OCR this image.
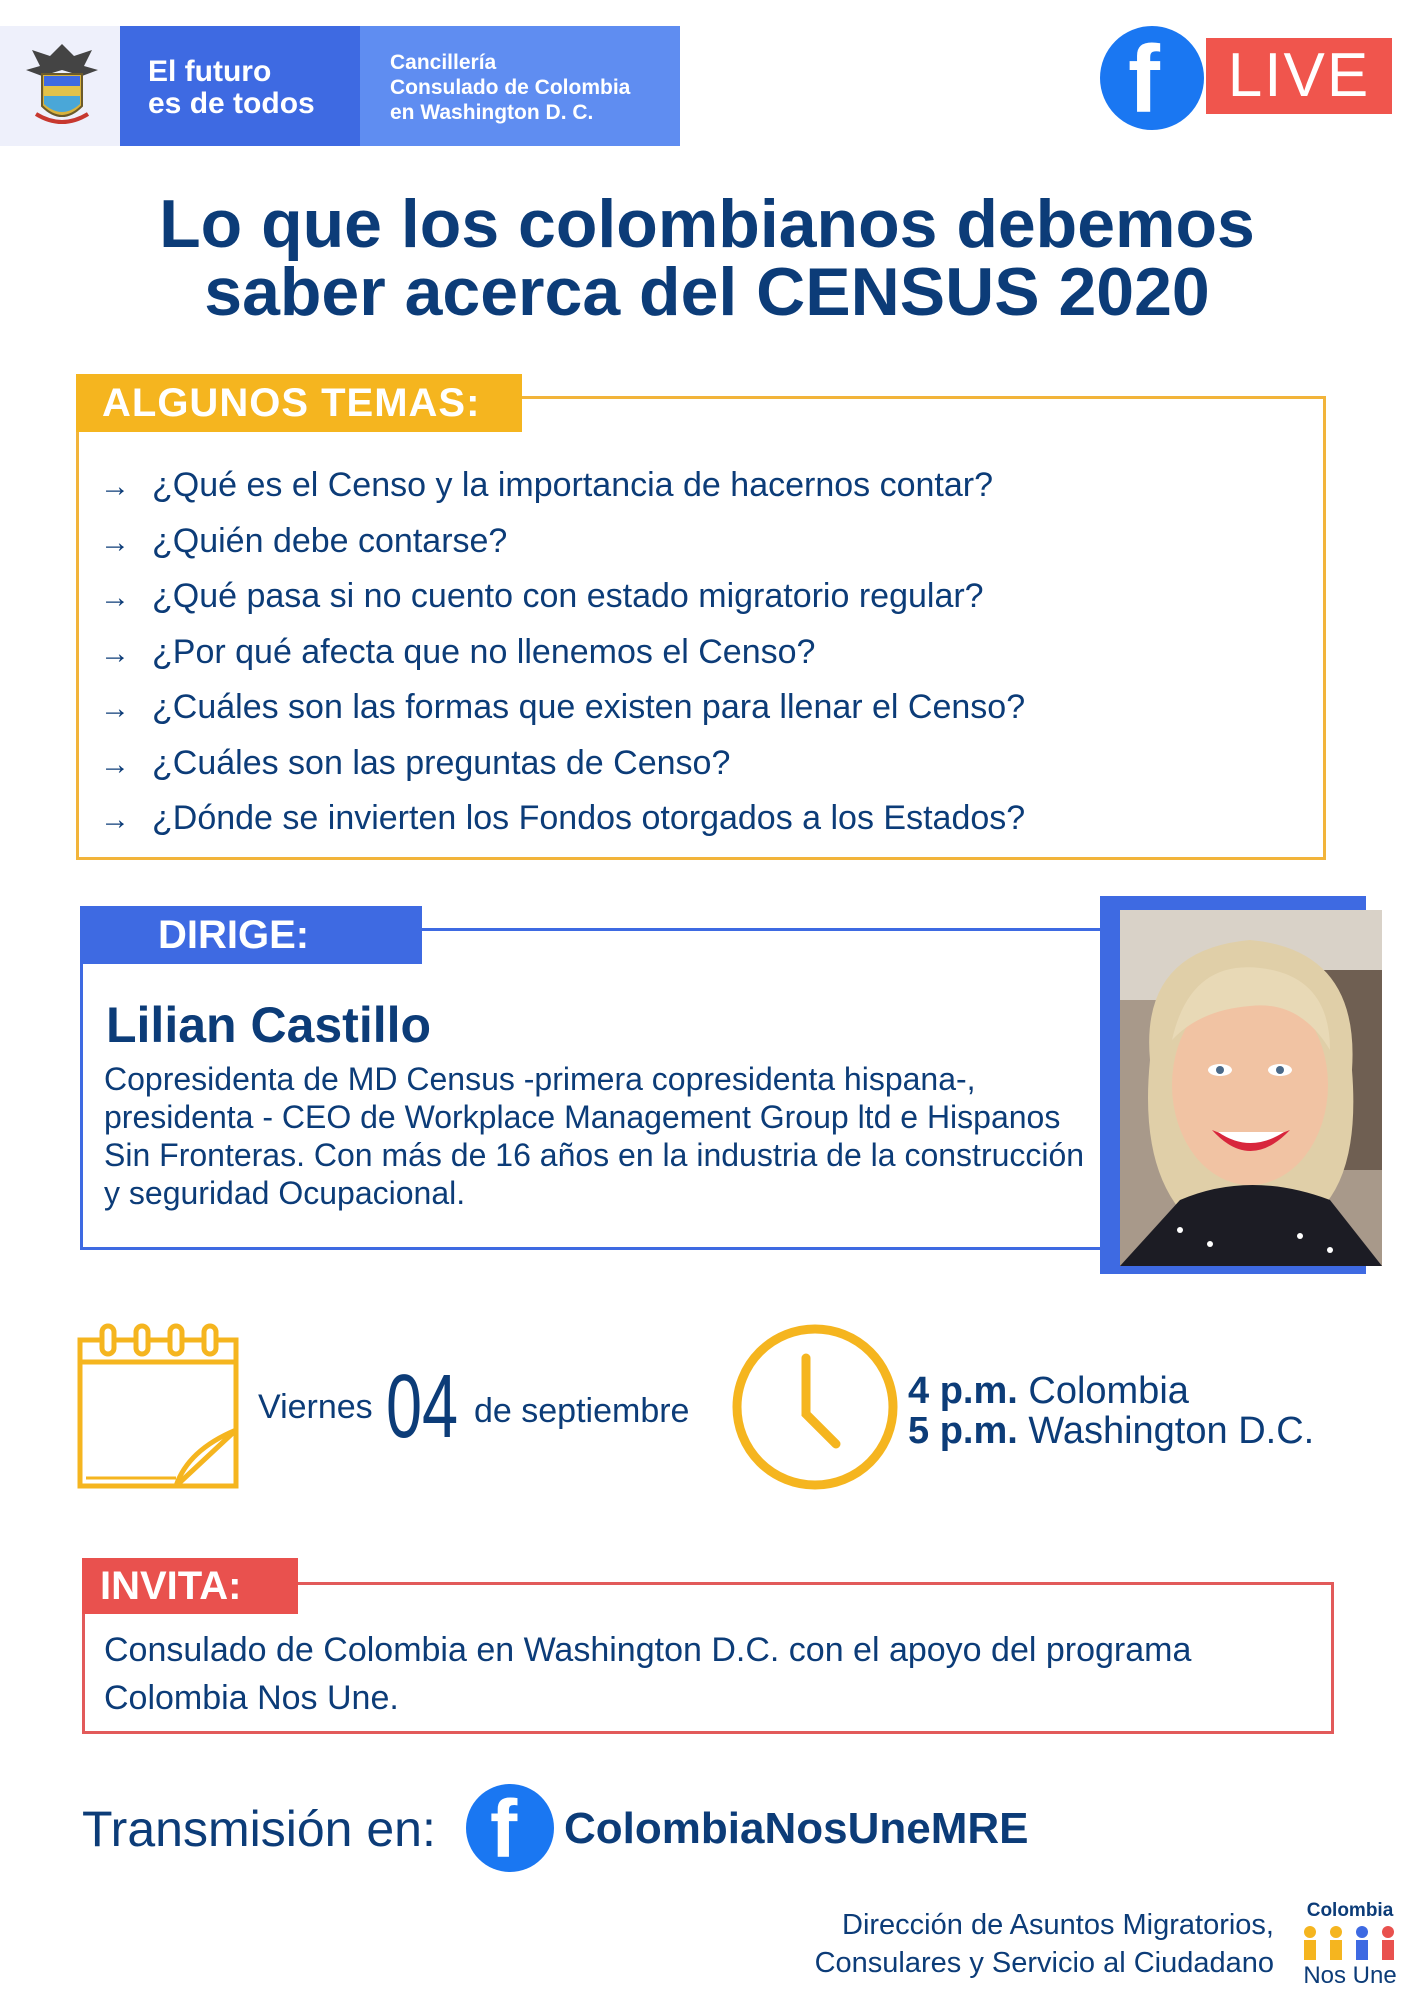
El futuro
es de todos
Cancillería
Consulado de Colombia
en Washington D. C.	f	LIVE
Lo que los colombianos debemos saber acerca del CENSUS 2020
ALGUNOS TEMAS:
→ ¿Qué es el Censo y la importancia de hacernos contar?
→ ¿Quién debe contarse?
→ ¿Qué pasa si no cuento con estado migratorio regular?
→ ¿Por qué afecta que no llenemos el Censo?
→ ¿Cuáles son las formas que existen para llenar el Censo?
→ ¿Cuáles son las preguntas de Censo?
→ ¿Dónde se invierten los Fondos otorgados a los Estados?
DIRIGE:
Lilian Castillo
Copresidenta de MD Census -primera copresidenta hispana-, presidenta - CEO de Workplace Management Group ltd e Hispanos Sin Fronteras. Con más de 16 años en la industria de la construcción y seguridad Ocupacional.
Viernes 04 de septiembre	4 p.m. Colombia
5 p.m. Washington D.C.
INVITA:
Consulado de Colombia en Washington D.C. con el apoyo del programa Colombia Nos Une.
Transmisión en: f ColombiaNosUneMRE
Dirección de Asuntos Migratorios,
Consulares y Servicio al Ciudadano
Colombia
Nos Une
